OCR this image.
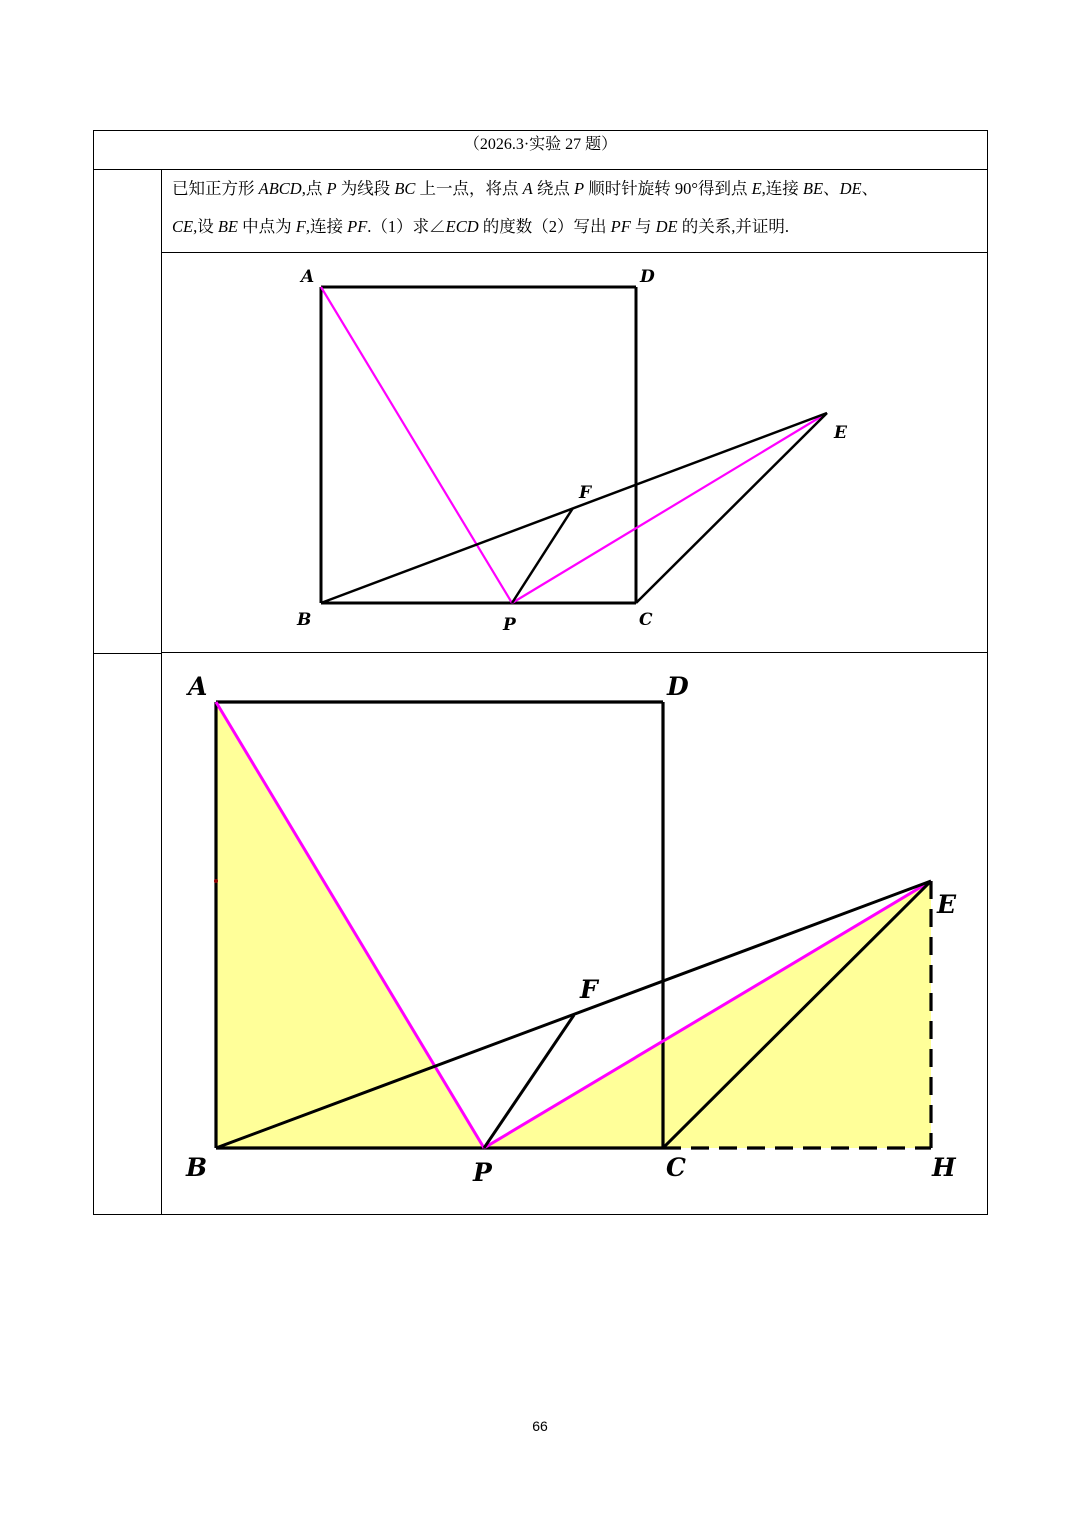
（2026.3·实验 27 题）
已知正方形 ABCD,点 P 为线段 BC 上一点，将点 A 绕点 P 顺时针旋转 90°得到点 E,连接 BE、DE、
CE,设 BE 中点为 F,连接 PF.（1）求∠ECD 的度数（2）写出 PF 与 DE 的关系,并证明.
A	D
E
F
B	P	C
A	D
E
F
B	P	C	H
66
